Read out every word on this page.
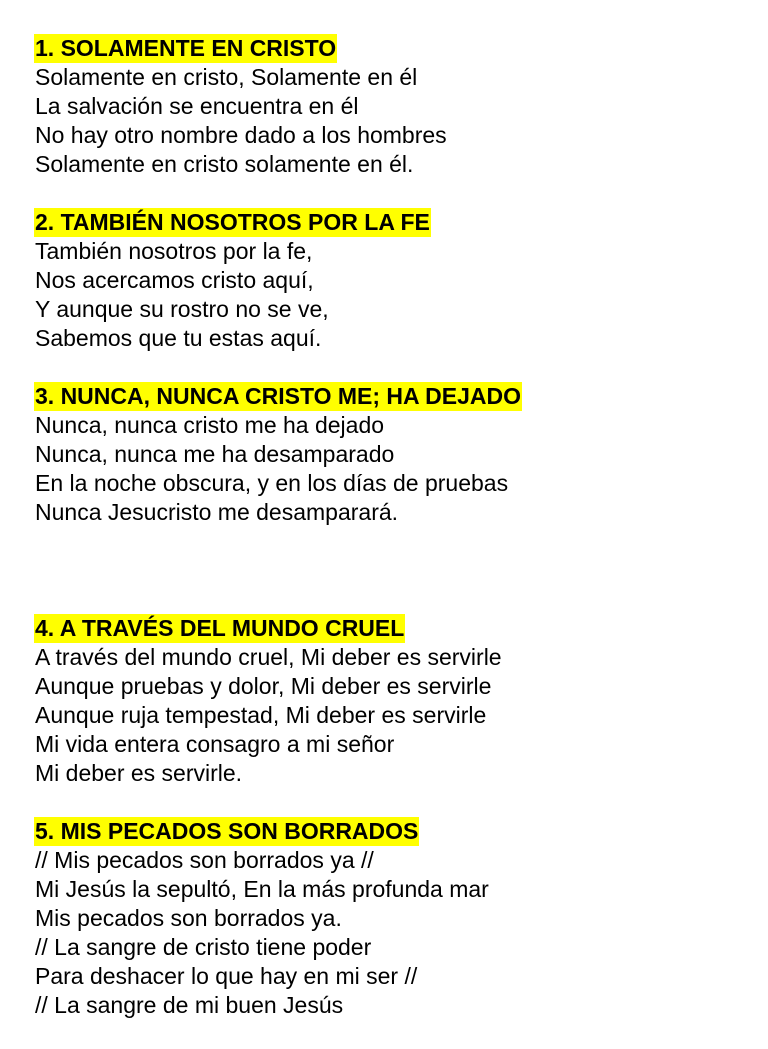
1. SOLAMENTE EN CRISTO
Solamente en cristo, Solamente en él
La salvación se encuentra en él
No hay otro nombre dado a los hombres
Solamente en cristo solamente en él.
2. TAMBIÉN NOSOTROS POR LA FE
También nosotros por la fe,
Nos acercamos cristo aquí,
Y aunque su rostro no se ve,
Sabemos que tu estas aquí.
3. NUNCA, NUNCA CRISTO ME; HA DEJADO
Nunca, nunca cristo me ha dejado
Nunca, nunca me ha desamparado
En la noche obscura, y en los días de pruebas
Nunca Jesucristo me desamparará.
4. A TRAVÉS DEL MUNDO CRUEL
A través del mundo cruel, Mi deber es servirle
Aunque pruebas y dolor, Mi deber es servirle
Aunque ruja tempestad, Mi deber es servirle
Mi vida entera consagro a mi señor
Mi deber es servirle.
5. MIS PECADOS SON BORRADOS
// Mis pecados son borrados ya //
Mi Jesús la sepultó, En la más profunda mar
Mis pecados son borrados ya.
// La sangre de cristo tiene poder
Para deshacer lo que hay en mi ser //
// La sangre de mi buen Jesús
